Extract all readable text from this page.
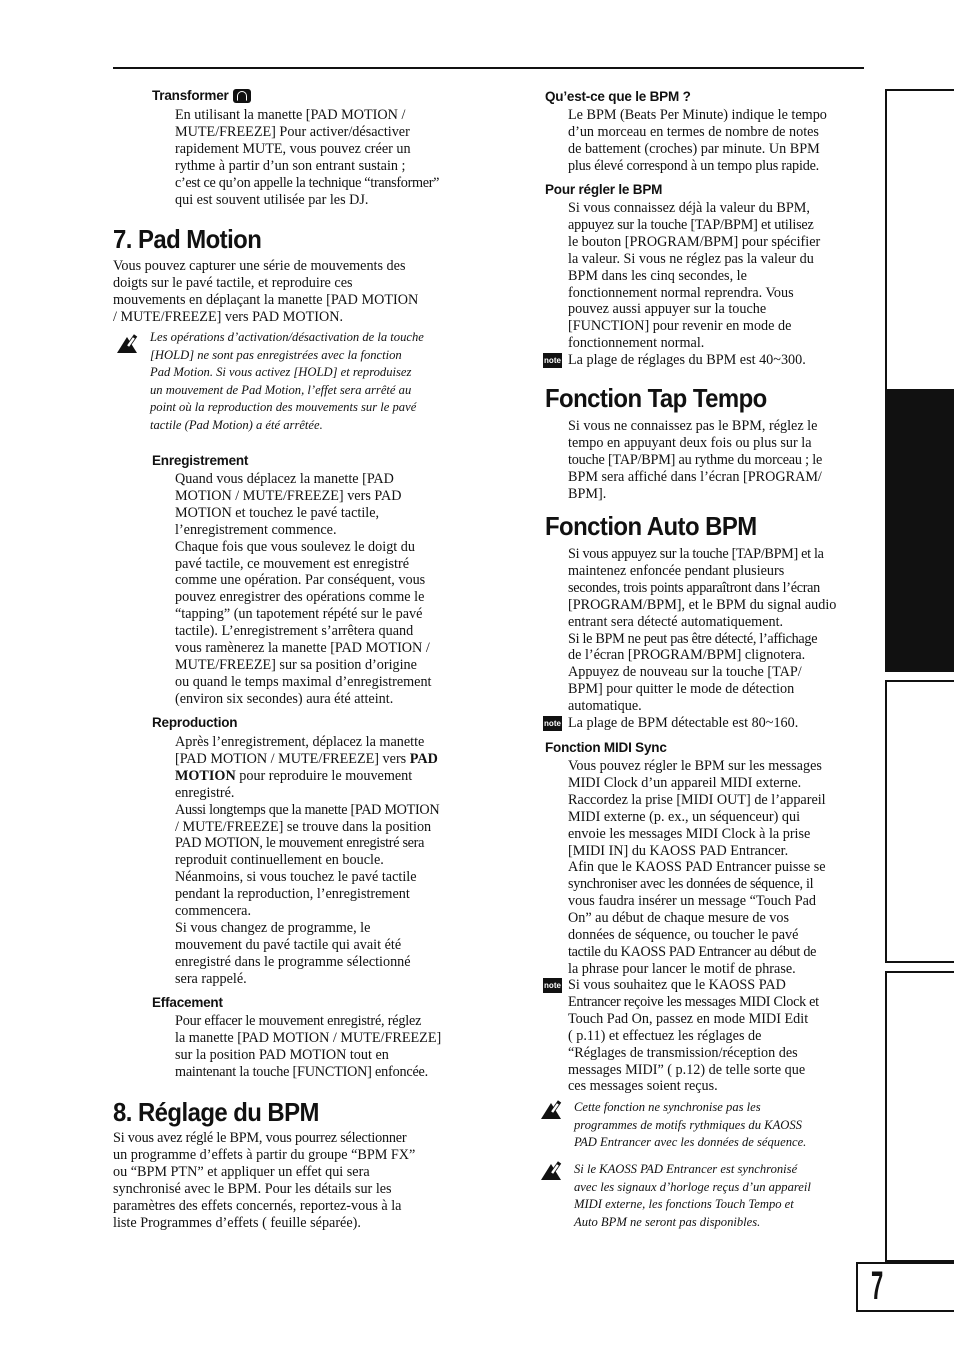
Transformer
En utilisant la manette [PAD MOTION /
MUTE/FREEZE] Pour activer/désactiver
rapidement MUTE, vous pouvez créer un
rythme à partir d’un son entrant sustain ;
c’est ce qu’on appelle la technique “transformer”
qui est souvent utilisée par les DJ.
7. Pad Motion
Vous pouvez capturer une série de mouvements des
doigts sur le pavé tactile, et reproduire ces
mouvements en déplaçant la manette [PAD MOTION
/ MUTE/FREEZE] vers PAD MOTION.
Les opérations d’activation/désactivation de la touche
[HOLD] ne sont pas enregistrées avec la fonction
Pad Motion. Si vous activez [HOLD] et reproduisez
un mouvement de Pad Motion, l’effet sera arrêté au
point où la reproduction des mouvements sur le pavé
tactile (Pad Motion) a été arrêtée.
Enregistrement
Quand vous déplacez la manette [PAD
MOTION / MUTE/FREEZE] vers PAD
MOTION et touchez le pavé tactile,
l’enregistrement commence.
Chaque fois que vous soulevez le doigt du
pavé tactile, ce mouvement est enregistré
comme une opération. Par conséquent, vous
pouvez enregistrer des opérations comme le
“tapping” (un tapotement répété sur le pavé
tactile). L’enregistrement s’arrêtera quand
vous ramènerez la manette [PAD MOTION /
MUTE/FREEZE] sur sa position d’origine
ou quand le temps maximal d’enregistrement
(environ six secondes) aura été atteint.
Reproduction
Après l’enregistrement, déplacez la manette
[PAD MOTION / MUTE/FREEZE] vers PAD
MOTION pour reproduire le mouvement
enregistré.
Aussi longtemps que la manette [PAD MOTION
/ MUTE/FREEZE] se trouve dans la position
PAD MOTION, le mouvement enregistré sera
reproduit continuellement en boucle.
Néanmoins, si vous touchez le pavé tactile
pendant la reproduction, l’enregistrement
commencera.
Si vous changez de programme, le
mouvement du pavé tactile qui avait été
enregistré dans le programme sélectionné
sera rappelé.
Effacement
Pour effacer le mouvement enregistré, réglez
la manette [PAD MOTION / MUTE/FREEZE]
sur la position PAD MOTION tout en
maintenant la touche [FUNCTION] enfoncée.
8. Réglage du BPM
Si vous avez réglé le BPM, vous pourrez sélectionner
un programme d’effets à partir du groupe “BPM FX”
ou “BPM PTN” et appliquer un effet qui sera
synchronisé avec le BPM. Pour les détails sur les
paramètres des effets concernés, reportez-vous à la
liste Programmes d’effets ( feuille séparée).
Qu’est-ce que le BPM ?
Le BPM (Beats Per Minute) indique le tempo
d’un morceau en termes de nombre de notes
de battement (croches) par minute. Un BPM
plus élevé correspond à un tempo plus rapide.
Pour régler le BPM
Si vous connaissez déjà la valeur du BPM,
appuyez sur la touche [TAP/BPM] et utilisez
le bouton [PROGRAM/BPM] pour spécifier
la valeur. Si vous ne réglez pas la valeur du
BPM dans les cinq secondes, le
fonctionnement normal reprendra. Vous
pouvez aussi appuyer sur la touche
[FUNCTION] pour revenir en mode de
fonctionnement normal.
note La plage de réglages du BPM est 40~300.
Fonction Tap Tempo
Si vous ne connaissez pas le BPM, réglez le
tempo en appuyant deux fois ou plus sur la
touche [TAP/BPM] au rythme du morceau ; le
BPM sera affiché dans l’écran [PROGRAM/
BPM].
Fonction Auto BPM
Si vous appuyez sur la touche [TAP/BPM] et la
maintenez enfoncée pendant plusieurs
secondes, trois points apparaîtront dans l’écran
[PROGRAM/BPM], et le BPM du signal audio
entrant sera détecté automatiquement.
Si le BPM ne peut pas être détecté, l’affichage
de l’écran [PROGRAM/BPM] clignotera.
Appuyez de nouveau sur la touche [TAP/
BPM] pour quitter le mode de détection
automatique.
note La plage de BPM détectable est 80~160.
Fonction MIDI Sync
Vous pouvez régler le BPM sur les messages
MIDI Clock d’un appareil MIDI externe.
Raccordez la prise [MIDI OUT] de l’appareil
MIDI externe (p. ex., un séquenceur) qui
envoie les messages MIDI Clock à la prise
[MIDI IN] du KAOSS PAD Entrancer.
Afin que le KAOSS PAD Entrancer puisse se
synchroniser avec les données de séquence, il
vous faudra insérer un message “Touch Pad
On” au début de chaque mesure de vos
données de séquence, ou toucher le pavé
tactile du KAOSS PAD Entrancer au début de
la phrase pour lancer le motif de phrase.
note Si vous souhaitez que le KAOSS PAD
Entrancer reçoive les messages MIDI Clock et
Touch Pad On, passez en mode MIDI Edit
( p.11) et effectuez les réglages de
“Réglages de transmission/réception des
messages MIDI” ( p.12) de telle sorte que
ces messages soient reçus.
Cette fonction ne synchronise pas les
programmes de motifs rythmiques du KAOSS
PAD Entrancer avec les données de séquence.
Si le KAOSS PAD Entrancer est synchronisé
avec les signaux d’horloge reçus d’un appareil
MIDI externe, les fonctions Touch Tempo et
Auto BPM ne seront pas disponibles.
7
